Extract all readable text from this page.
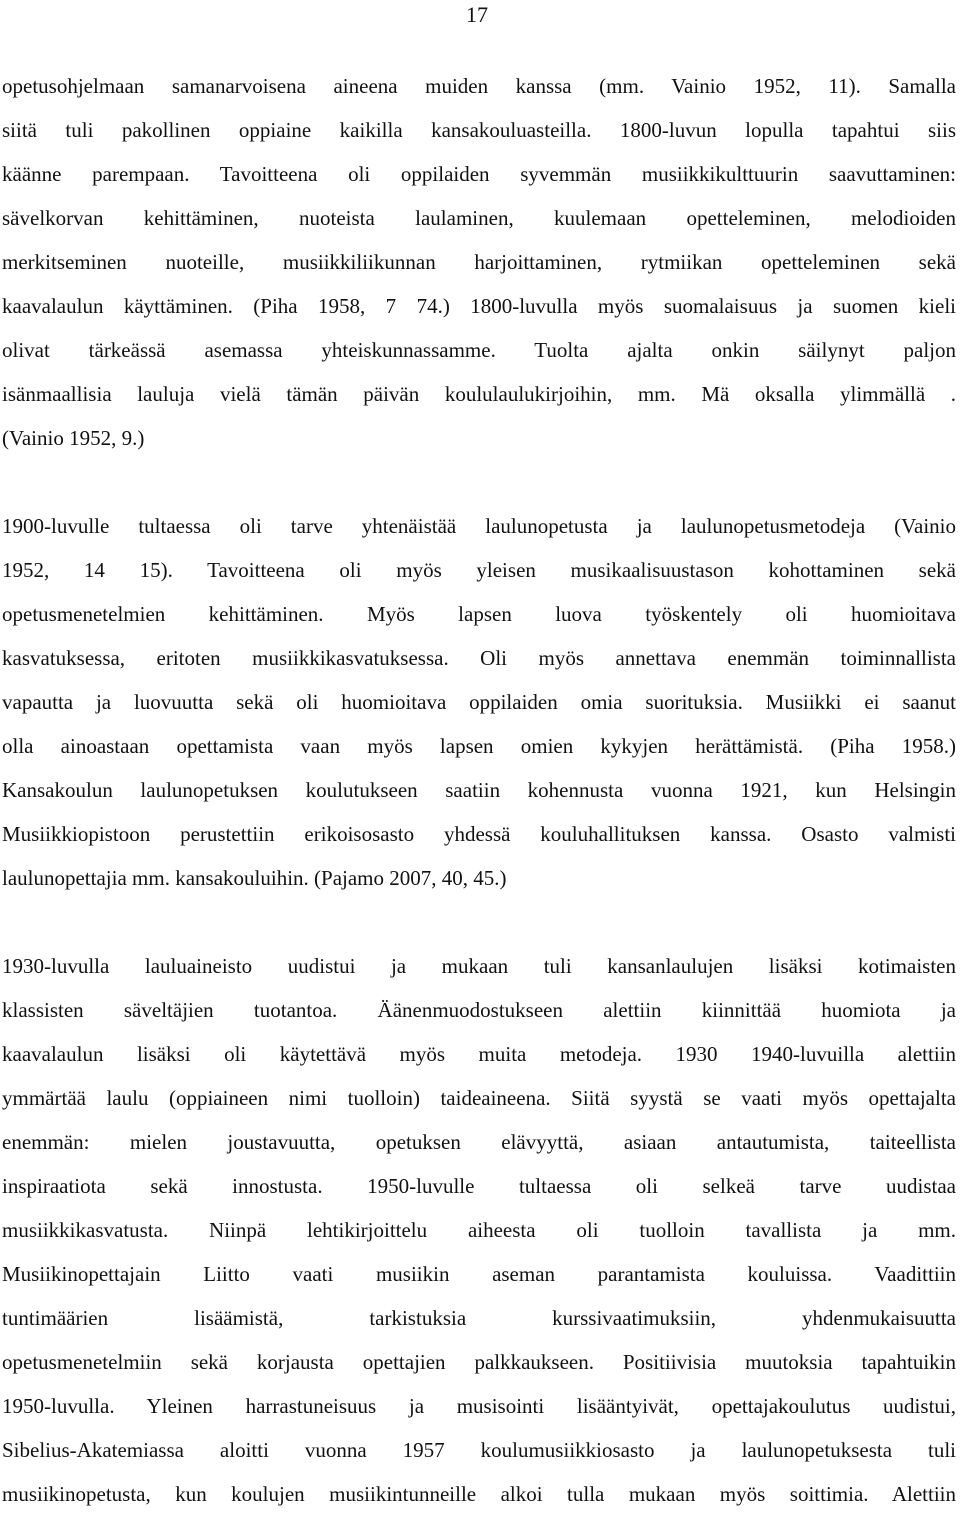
17
opetusohjelmaan samanarvoisena aineena muiden kanssa (mm. Vainio 1952, 11). Samalla
siitä tuli pakollinen oppiaine kaikilla kansakouluasteilla. 1800-luvun lopulla tapahtui siis
käänne parempaan. Tavoitteena oli oppilaiden syvemmän musiikkikulttuurin saavuttaminen:
sävelkorvan kehittäminen, nuoteista laulaminen, kuulemaan opetteleminen, melodioiden
merkitseminen nuoteille, musiikkiliikunnan harjoittaminen, rytmiikan opetteleminen sekä
kaavalaulun käyttäminen. (Piha 1958, 7 74.) 1800-luvulla myös suomalaisuus ja suomen kieli
olivat tärkeässä asemassa yhteiskunnassamme. Tuolta ajalta onkin säilynyt paljon
isänmaallisia lauluja vielä tämän päivän koululaulukirjoihin, mm. Mä oksalla ylimmällä .
(Vainio 1952, 9.)
1900-luvulle tultaessa oli tarve yhtenäistää laulunopetusta ja laulunopetusmetodeja (Vainio
1952, 14 15). Tavoitteena oli myös yleisen musikaalisuustason kohottaminen sekä
opetusmenetelmien kehittäminen. Myös lapsen luova työskentely oli huomioitava
kasvatuksessa, eritoten musiikkikasvatuksessa. Oli myös annettava enemmän toiminnallista
vapautta ja luovuutta sekä oli huomioitava oppilaiden omia suorituksia. Musiikki ei saanut
olla ainoastaan opettamista vaan myös lapsen omien kykyjen herättämistä. (Piha 1958.)
Kansakoulun laulunopetuksen koulutukseen saatiin kohennusta vuonna 1921, kun Helsingin
Musiikkiopistoon perustettiin erikoisosasto yhdessä kouluhallituksen kanssa. Osasto valmisti
laulunopettajia mm. kansakouluihin. (Pajamo 2007, 40, 45.)
1930-luvulla lauluaineisto uudistui ja mukaan tuli kansanlaulujen lisäksi kotimaisten
klassisten säveltäjien tuotantoa. Äänenmuodostukseen alettiin kiinnittää huomiota ja
kaavalaulun lisäksi oli käytettävä myös muita metodeja. 1930 1940-luvuilla alettiin
ymmärtää laulu (oppiaineen nimi tuolloin) taideaineena. Siitä syystä se vaati myös opettajalta
enemmän: mielen joustavuutta, opetuksen elävyyttä, asiaan antautumista, taiteellista
inspiraatiota sekä innostusta. 1950-luvulle tultaessa oli selkeä tarve uudistaa
musiikkikasvatusta. Niinpä lehtikirjoittelu aiheesta oli tuolloin tavallista ja mm.
Musiikinopettajain Liitto vaati musiikin aseman parantamista kouluissa. Vaadittiin
tuntimäärien lisäämistä, tarkistuksia kurssivaatimuksiin, yhdenmukaisuutta
opetusmenetelmiin sekä korjausta opettajien palkkaukseen. Positiivisia muutoksia tapahtuikin
1950-luvulla. Yleinen harrastuneisuus ja musisointi lisääntyivät, opettajakoulutus uudistui,
Sibelius-Akatemiassa aloitti vuonna 1957 koulumusiikkiosasto ja laulunopetuksesta tuli
musiikinopetusta, kun koulujen musiikintunneille alkoi tulla mukaan myös soittimia. Alettiin
